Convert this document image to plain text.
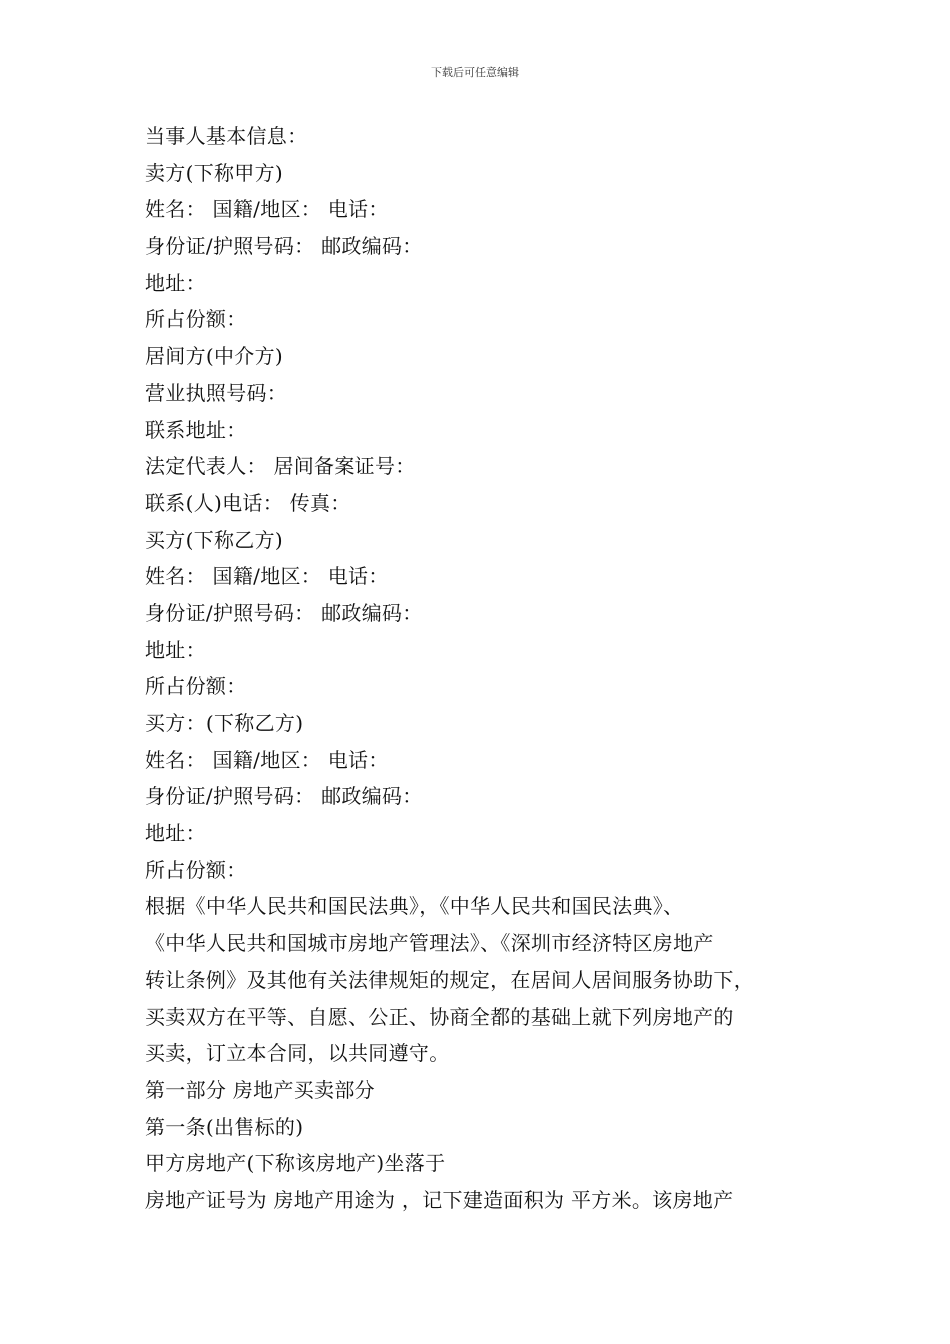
下载后可任意编辑
当事人基本信息：
卖方(下称甲方)
姓名： 国籍/地区： 电话：
身份证/护照号码： 邮政编码：
地址：
所占份额：
居间方(中介方)
营业执照号码：
联系地址：
法定代表人： 居间备案证号：
联系(人)电话： 传真：
买方(下称乙方)
姓名： 国籍/地区： 电话：
身份证/护照号码： 邮政编码：
地址：
所占份额：
买方：(下称乙方)
姓名： 国籍/地区： 电话：
身份证/护照号码： 邮政编码：
地址：
所占份额：
根据《中华人民共和国民法典》，《中华人民共和国民法典》、
《中华人民共和国城市房地产管理法》、《深圳市经济特区房地产
转让条例》及其他有关法律规矩的规定，在居间人居间服务协助下，
买卖双方在平等、自愿、公正、协商全都的基础上就下列房地产的
买卖，订立本合同，以共同遵守。
第一部分 房地产买卖部分
第一条(出售标的)
甲方房地产(下称该房地产)坐落于
房地产证号为 房地产用途为 ，记下建造面积为 平方米。该房地产
